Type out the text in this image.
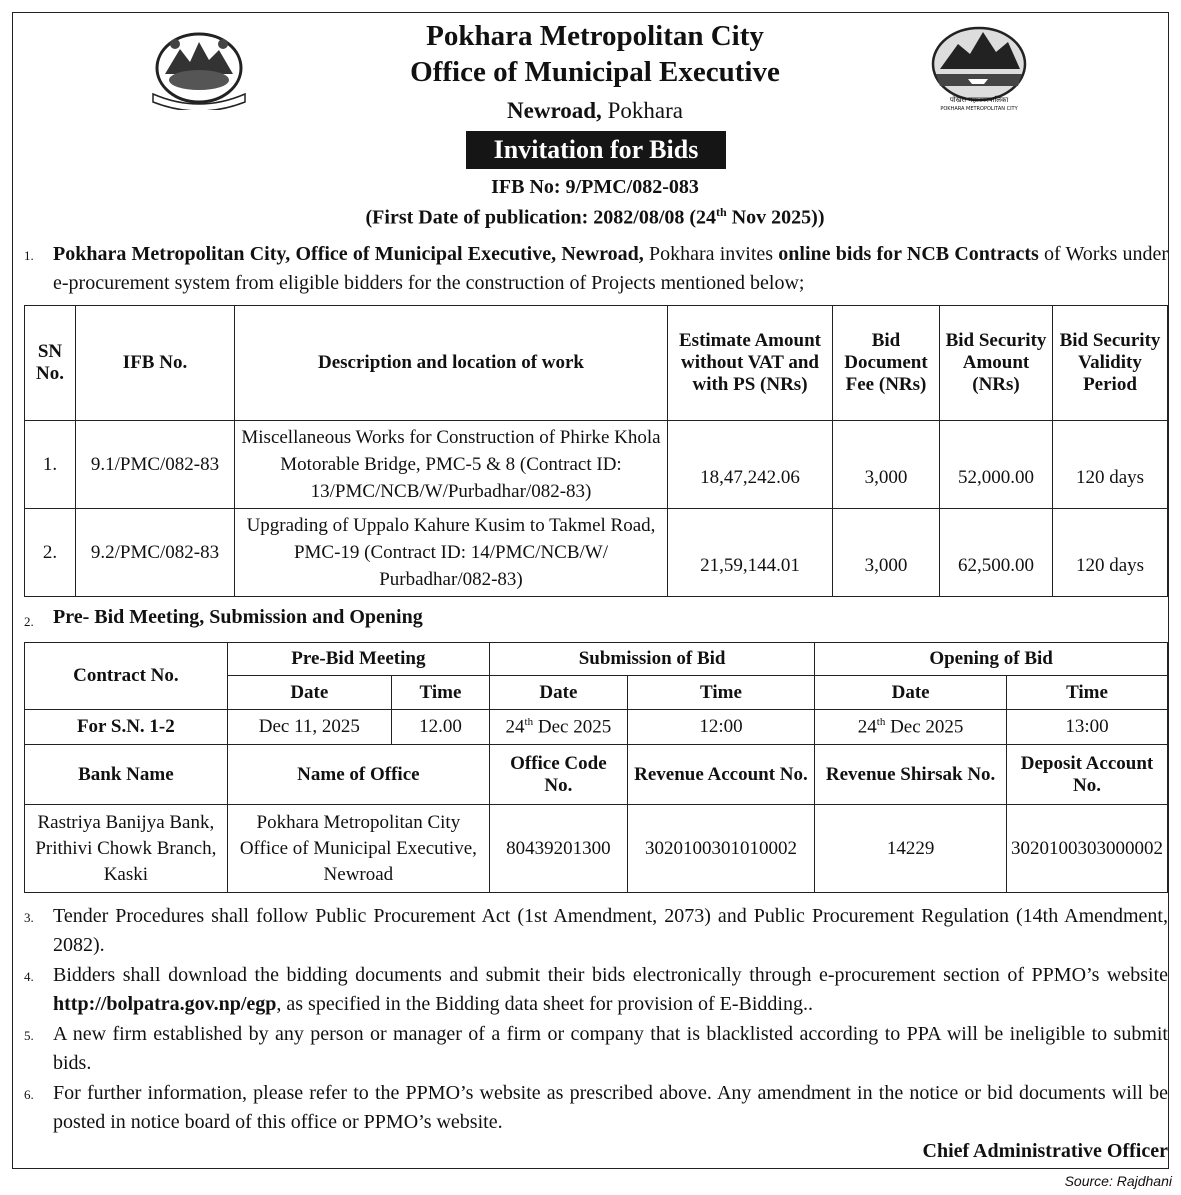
पोखरा महानगरपालिका
POKHARA METROPOLITAN CITY
Pokhara Metropolitan City
Office of Municipal Executive
Newroad, Pokhara
Invitation for Bids
IFB No: 9/PMC/082-083
(First Date of publication: 2082/08/08 (24th Nov 2025))
1. Pokhara Metropolitan City, Office of Municipal Executive, Newroad, Pokhara invites online bids for NCB Contracts of Works under e-procurement system from eligible bidders for the construction of Projects mentioned below;
SN No.	IFB No.	Description and location of work	Estimate Amount without VAT and with PS (NRs)	Bid Document Fee (NRs)	Bid Security Amount (NRs)	Bid Security Validity Period
1.	9.1/PMC/082-83	Miscellaneous Works for Construction of Phirke Khola Motorable Bridge, PMC-5 & 8 (Contract ID: 13/PMC/NCB/W/Purbadhar/082-83)	18,47,242.06	3,000	52,000.00	120 days
2.	9.2/PMC/082-83	Upgrading of Uppalo Kahure Kusim to Takmel Road, PMC-19 (Contract ID: 14/PMC/NCB/W/ Purbadhar/082-83)	21,59,144.01	3,000	62,500.00	120 days
2. Pre- Bid Meeting, Submission and Opening
Contract No.	Pre-Bid Meeting		Submission of Bid		Opening of Bid	
	Date	Time	Date	Time	Date	Time
For S.N. 1-2	Dec 11, 2025	12.00	24th Dec 2025	12:00	24th Dec 2025	13:00
Bank Name	Name of Office		Office Code No.	Revenue Account No.	Revenue Shirsak No.	Deposit Account No.
Rastriya Banijya Bank, Prithivi Chowk Branch, Kaski	Pokhara Metropolitan City Office of Municipal Executive, Newroad		80439201300	3020100301010002	14229	3020100303000002
3. Tender Procedures shall follow Public Procurement Act (1st Amendment, 2073) and Public Procurement Regulation (14th Amendment, 2082).
4. Bidders shall download the bidding documents and submit their bids electronically through e-procurement section of PPMO’s website http://bolpatra.gov.np/egp, as specified in the Bidding data sheet for provision of E-Bidding..
5. A new firm established by any person or manager of a firm or company that is blacklisted according to PPA will be ineligible to submit bids.
6. For further information, please refer to the PPMO’s website as prescribed above. Any amendment in the notice or bid documents will be posted in notice board of this office or PPMO’s website.
Chief Administrative Officer
Source: Rajdhani
